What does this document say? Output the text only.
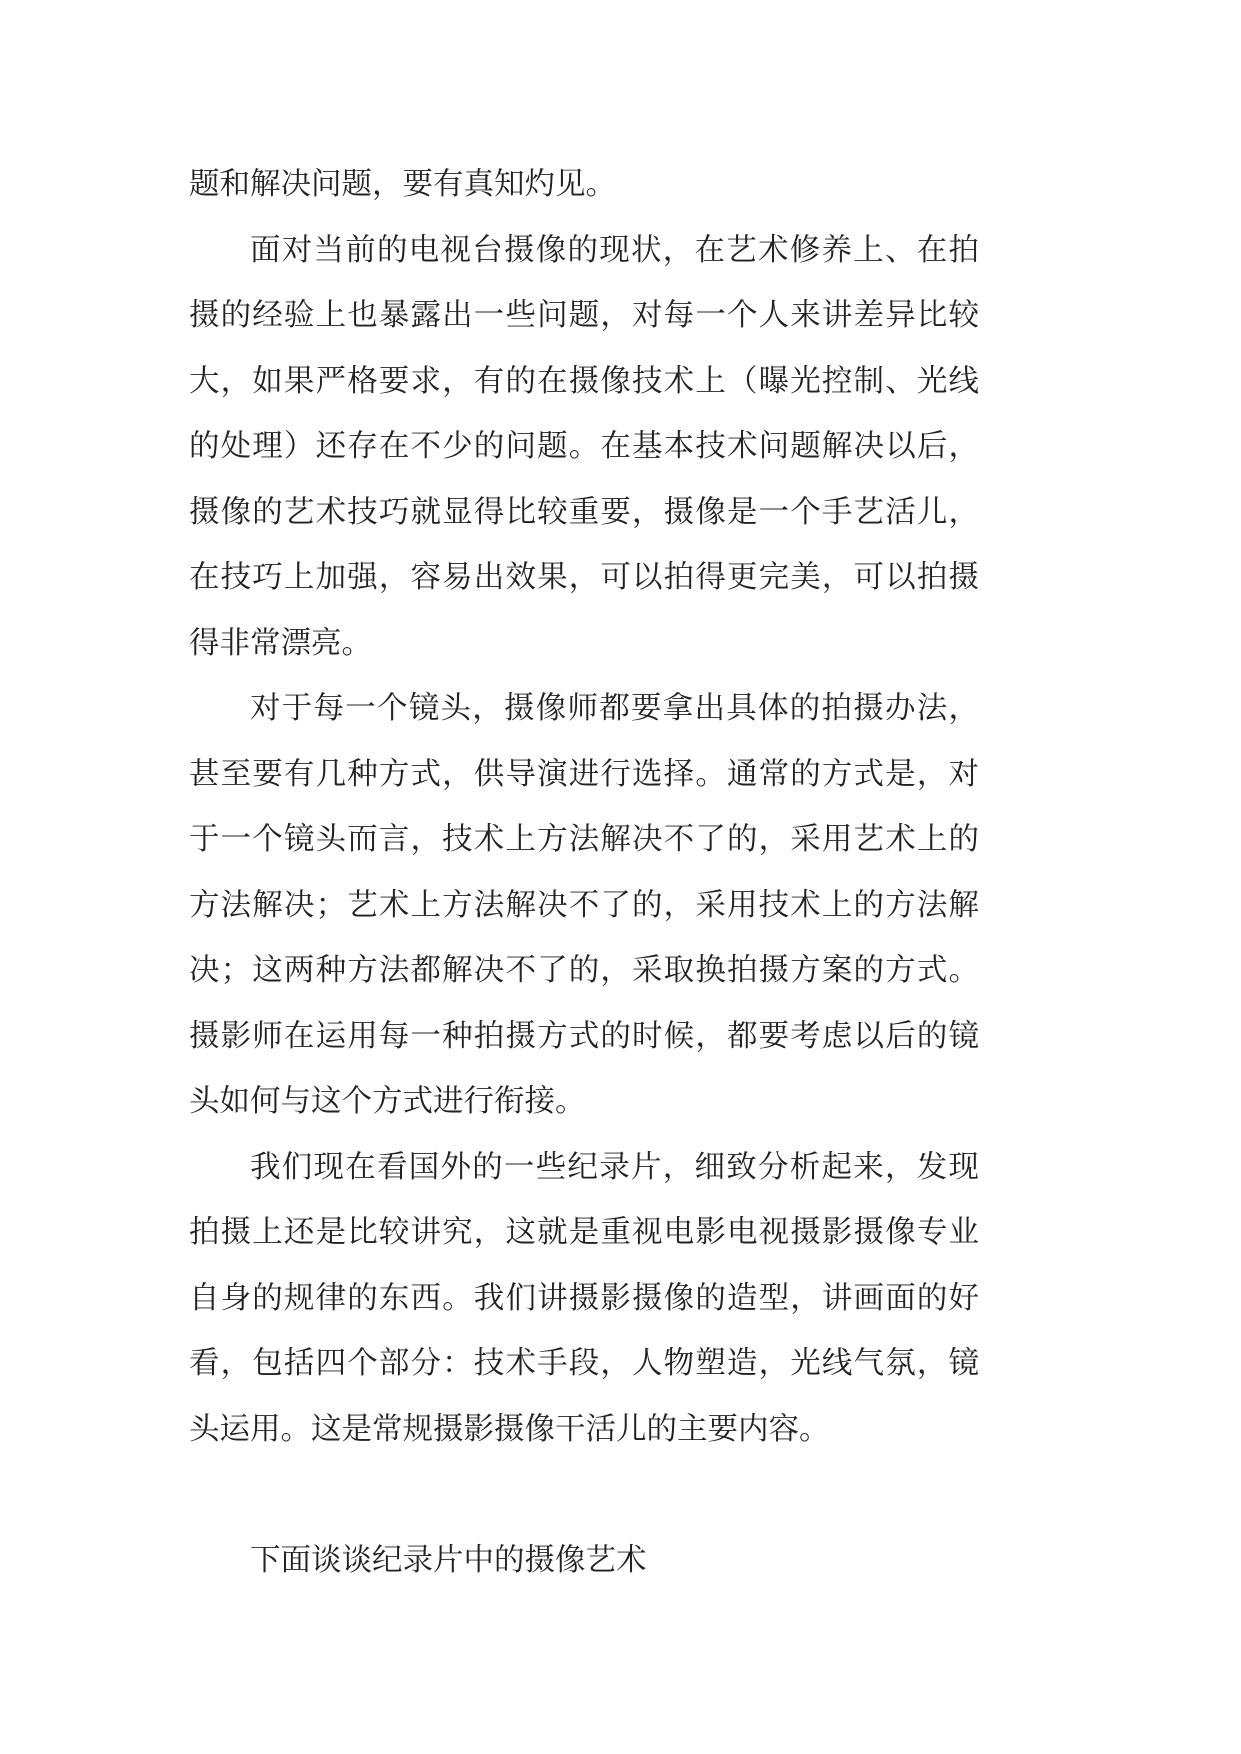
题和解决问题，要有真知灼见。

面对当前的电视台摄像的现状，在艺术修养上、在拍摄的经验上也暴露出一些问题，对每一个人来讲差异比较大，如果严格要求，有的在摄像技术上（曝光控制、光线的处理）还存在不少的问题。在基本技术问题解决以后，摄像的艺术技巧就显得比较重要，摄像是一个手艺活儿，在技巧上加强，容易出效果，可以拍得更完美，可以拍摄得非常漂亮。

对于每一个镜头，摄像师都要拿出具体的拍摄办法，甚至要有几种方式，供导演进行选择。通常的方式是，对于一个镜头而言，技术上方法解决不了的，采用艺术上的方法解决；艺术上方法解决不了的，采用技术上的方法解决；这两种方法都解决不了的，采取换拍摄方案的方式。摄影师在运用每一种拍摄方式的时候，都要考虑以后的镜头如何与这个方式进行衔接。

我们现在看国外的一些纪录片，细致分析起来，发现拍摄上还是比较讲究，这就是重视电影电视摄影摄像专业自身的规律的东西。我们讲摄影摄像的造型，讲画面的好看，包括四个部分：技术手段，人物塑造，光线气氛，镜头运用。这是常规摄影摄像干活儿的主要内容。

下面谈谈纪录片中的摄像艺术
